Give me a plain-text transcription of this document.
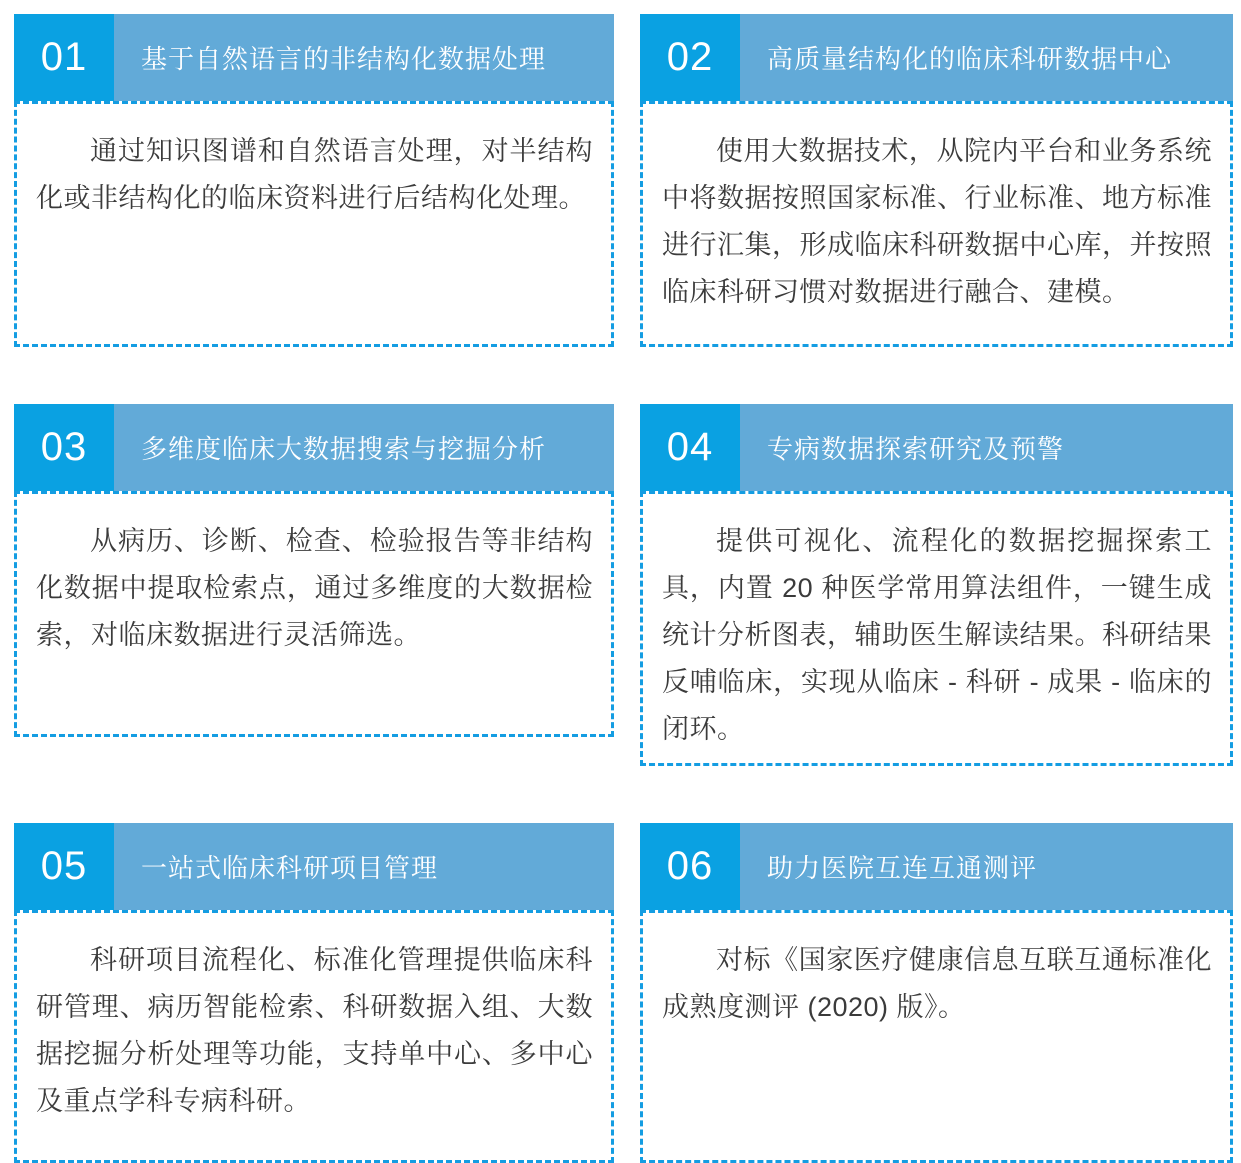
01	基于自然语言的非结构化数据处理

通过知识图谱和自然语言处理，对半结构化或非结构化的临床资料进行后结构化处理。

02	高质量结构化的临床科研数据中心

使用大数据技术，从院内平台和业务系统中将数据按照国家标准、行业标准、地方标准进行汇集，形成临床科研数据中心库，并按照临床科研习惯对数据进行融合、建模。

03	多维度临床大数据搜索与挖掘分析

从病历、诊断、检查、检验报告等非结构化数据中提取检索点，通过多维度的大数据检索，对临床数据进行灵活筛选。

04	专病数据探索研究及预警

提供可视化、流程化的数据挖掘探索工具，内置 20 种医学常用算法组件，一键生成统计分析图表，辅助医生解读结果。科研结果反哺临床，实现从临床 - 科研 - 成果 - 临床的闭环。

05	一站式临床科研项目管理

科研项目流程化、标准化管理提供临床科研管理、病历智能检索、科研数据入组、大数据挖掘分析处理等功能，支持单中心、多中心及重点学科专病科研。

06	助力医院互连互通测评

对标《国家医疗健康信息互联互通标准化成熟度测评 (2020) 版》。
